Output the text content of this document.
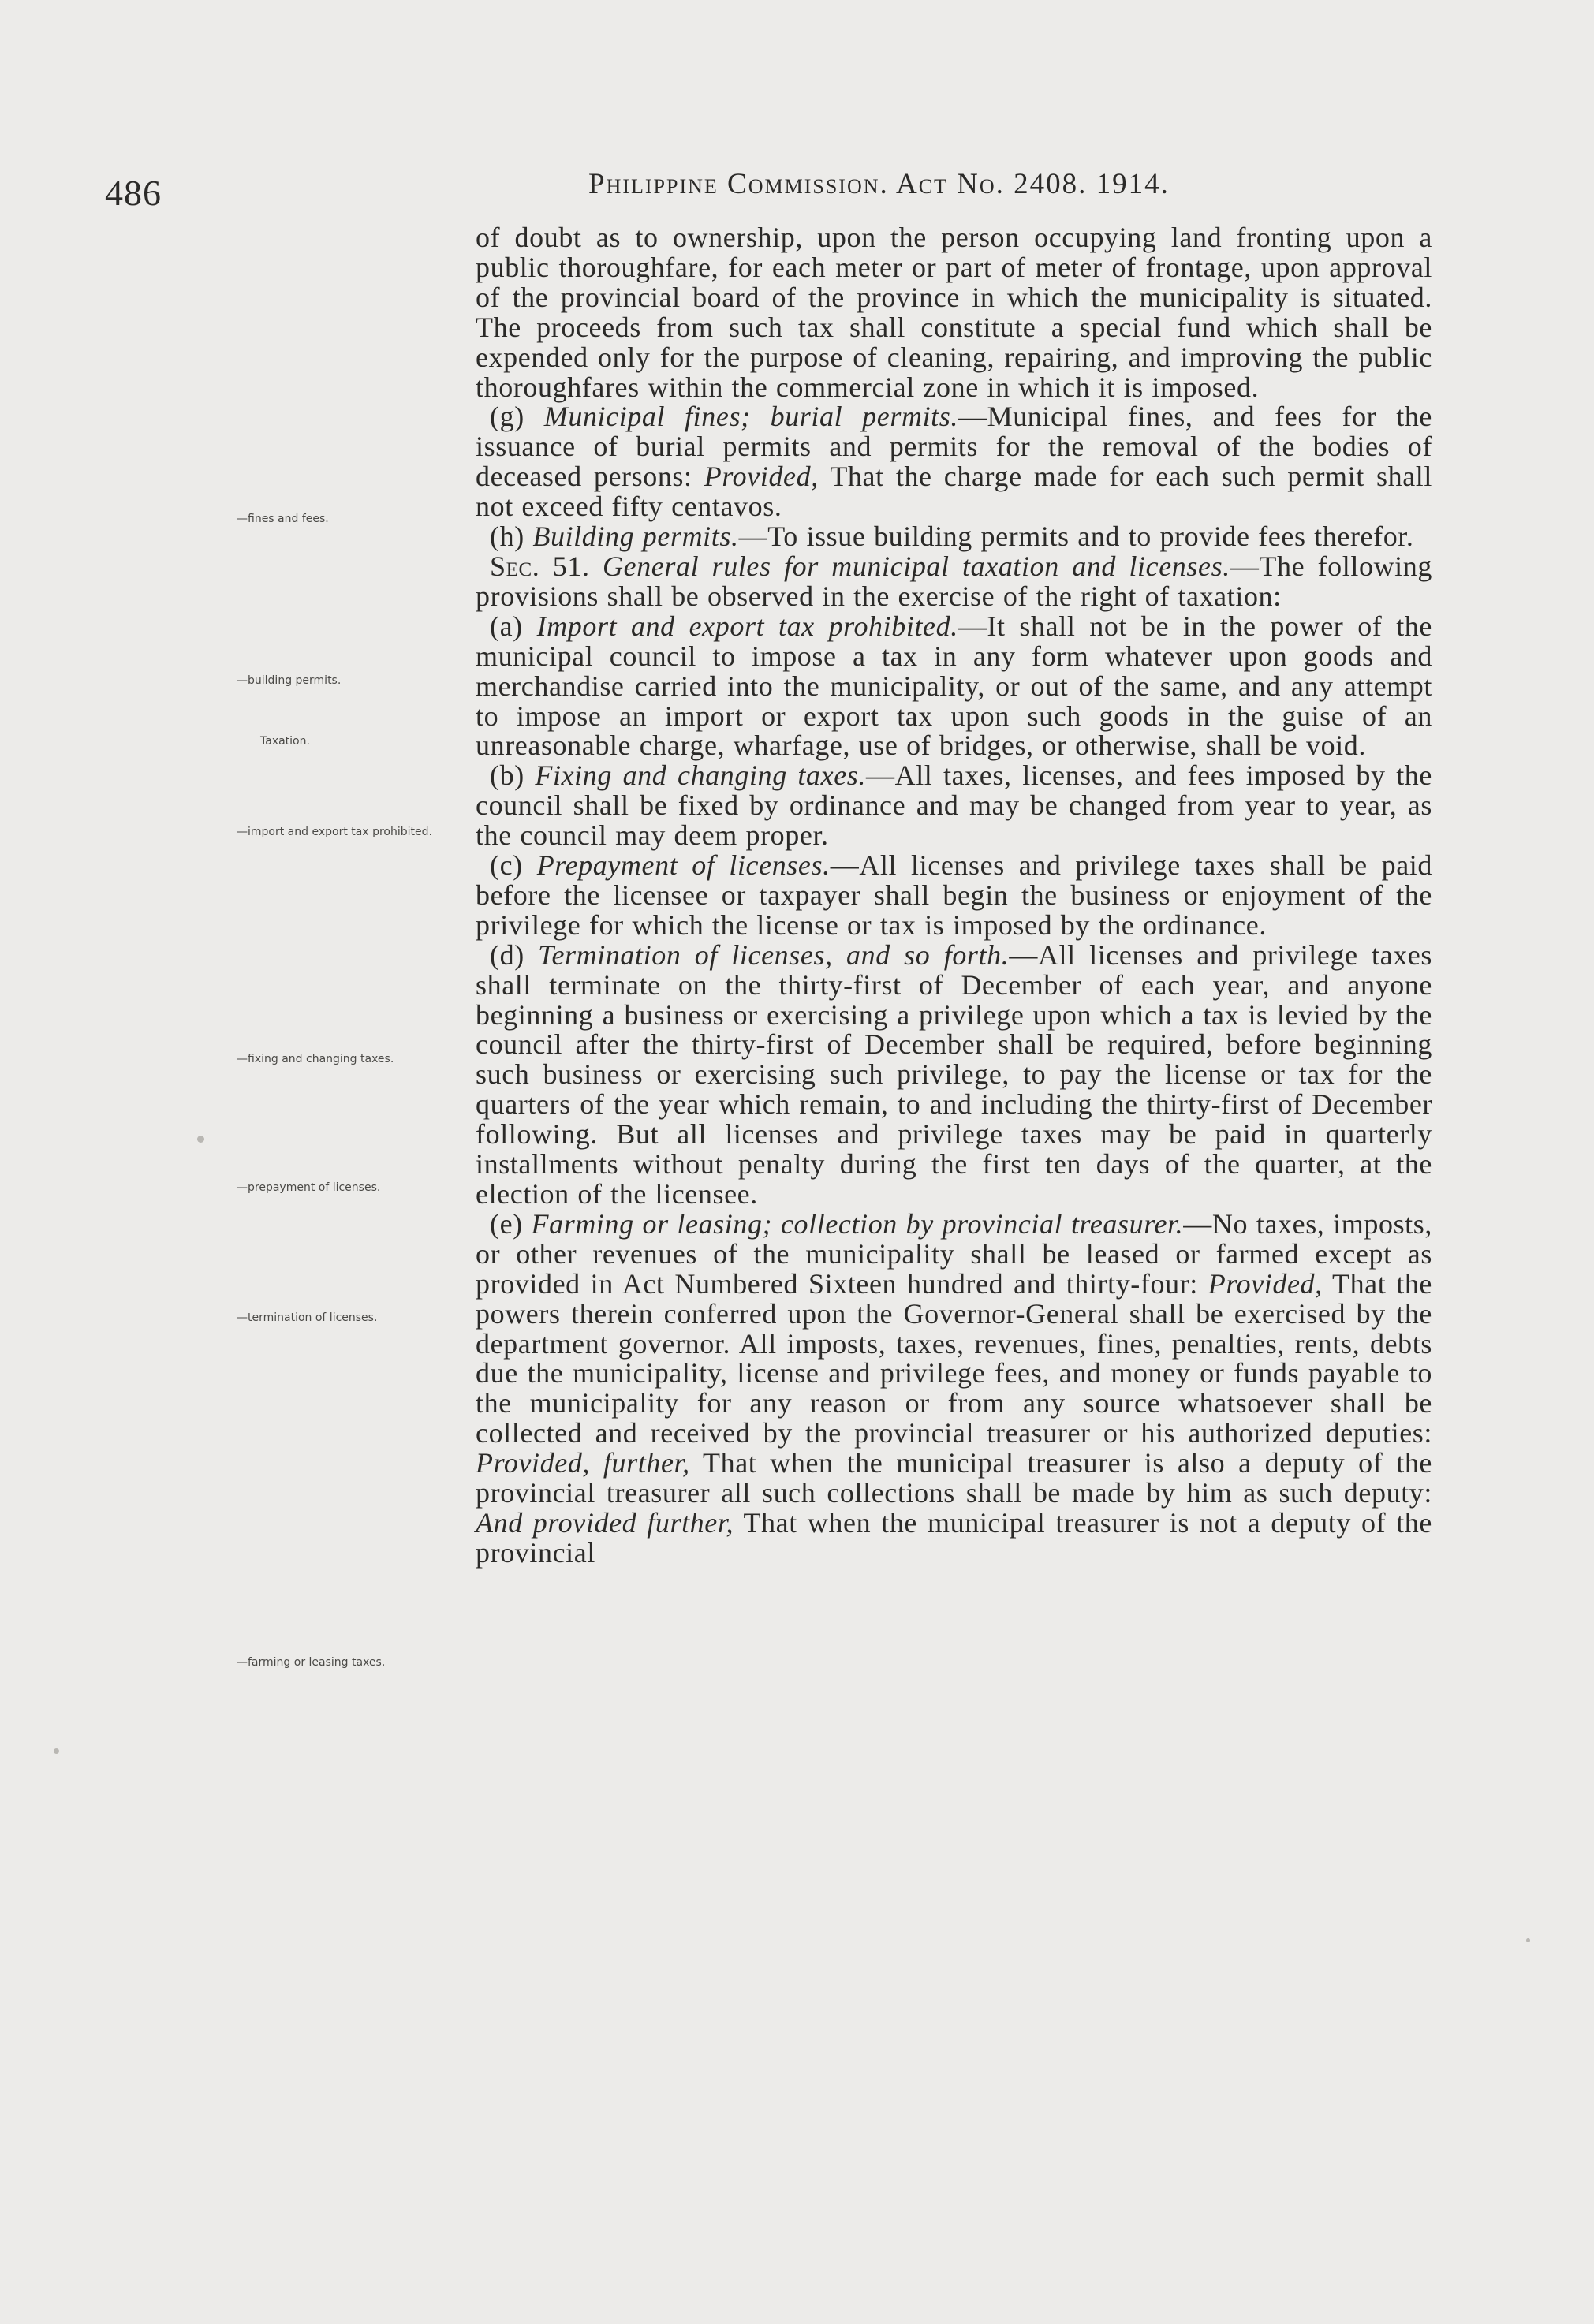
486	Philippine Commission. Act No. 2408. 1914.
—fines and fees.
—building permits.
Taxation.
—import and export tax prohibited.
—fixing and changing taxes.
—prepayment of licenses.
—termination of licenses.
—farming or leasing taxes.

of doubt as to ownership, upon the person occupying land fronting upon a public thoroughfare, for each meter or part of meter of frontage, upon approval of the provincial board of the province in which the municipality is situated. The proceeds from such tax shall constitute a special fund which shall be expended only for the purpose of cleaning, repairing, and improving the public thoroughfares within the commercial zone in which it is imposed.

(g) Municipal fines; burial permits.—Municipal fines, and fees for the issuance of burial permits and permits for the removal of the bodies of deceased persons: Provided, That the charge made for each such permit shall not exceed fifty centavos.

(h) Building permits.—To issue building permits and to provide fees therefor.

Sec. 51. General rules for municipal taxation and licenses.—The following provisions shall be observed in the exercise of the right of taxation:

(a) Import and export tax prohibited.—It shall not be in the power of the municipal council to impose a tax in any form whatever upon goods and merchandise carried into the municipality, or out of the same, and any attempt to impose an import or export tax upon such goods in the guise of an unreasonable charge, wharfage, use of bridges, or otherwise, shall be void.

(b) Fixing and changing taxes.—All taxes, licenses, and fees imposed by the council shall be fixed by ordinance and may be changed from year to year, as the council may deem proper.

(c) Prepayment of licenses.—All licenses and privilege taxes shall be paid before the licensee or taxpayer shall begin the business or enjoyment of the privilege for which the license or tax is imposed by the ordinance.

(d) Termination of licenses, and so forth.—All licenses and privilege taxes shall terminate on the thirty-first of December of each year, and anyone beginning a business or exercising a privilege upon which a tax is levied by the council after the thirty-first of December shall be required, before beginning such business or exercising such privilege, to pay the license or tax for the quarters of the year which remain, to and including the thirty-first of December following. But all licenses and privilege taxes may be paid in quarterly installments without penalty during the first ten days of the quarter, at the election of the licensee.

(e) Farming or leasing; collection by provincial treasurer.—No taxes, imposts, or other revenues of the municipality shall be leased or farmed except as provided in Act Numbered Sixteen hundred and thirty-four: Provided, That the powers therein conferred upon the Governor-General shall be exercised by the department governor. All imposts, taxes, revenues, fines, penalties, rents, debts due the municipality, license and privilege fees, and money or funds payable to the municipality for any reason or from any source whatsoever shall be collected and received by the provincial treasurer or his authorized deputies: Provided, further, That when the municipal treasurer is also a deputy of the provincial treasurer all such collections shall be made by him as such deputy: And provided further, That when the municipal treasurer is not a deputy of the provincial
